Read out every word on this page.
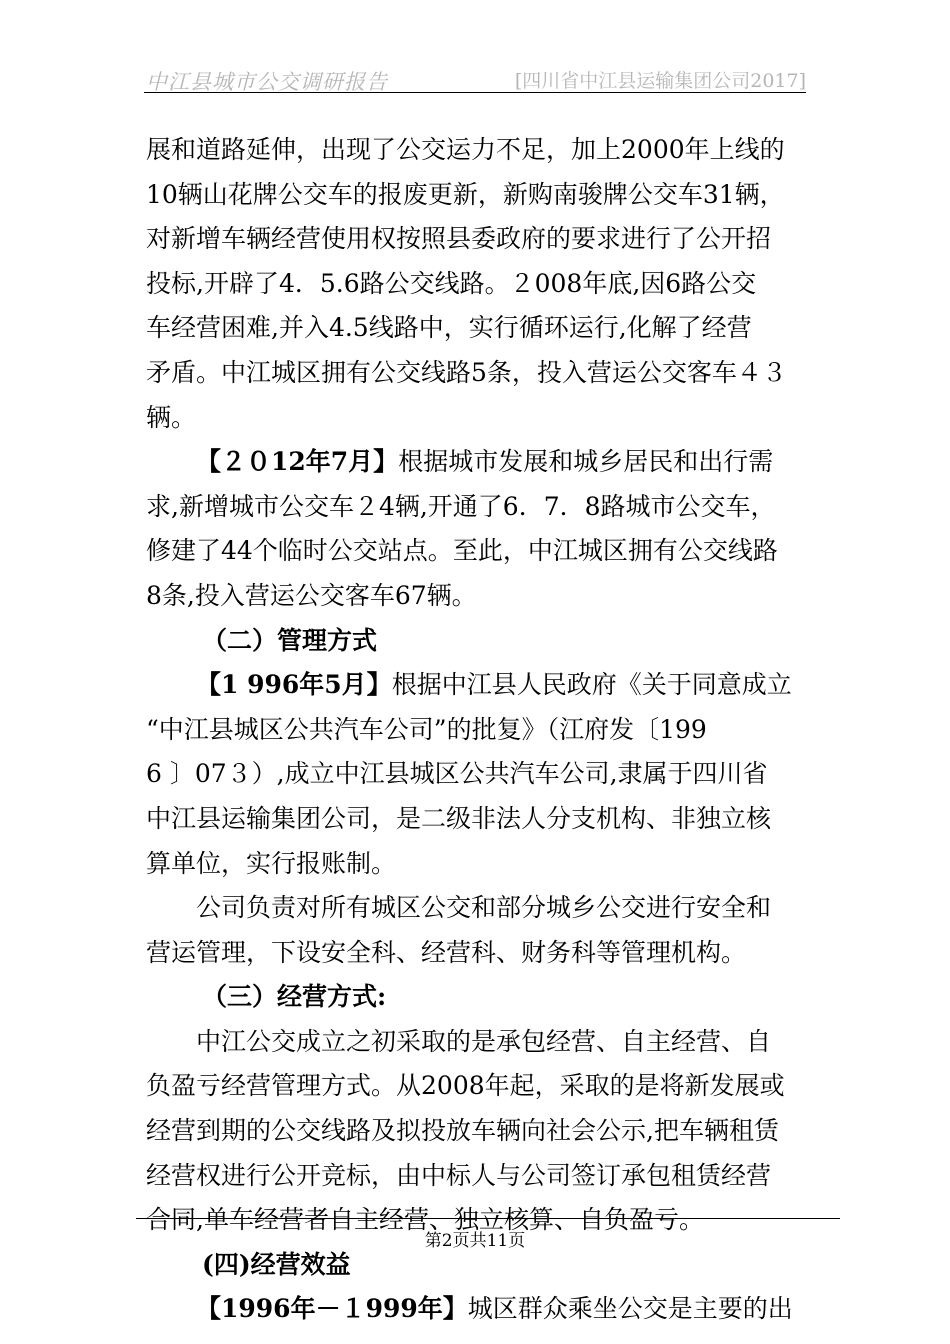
中江县城市公交调研报告	[四川省中江县运输集团公司2017]
展和道路延伸，出现了公交运力不足，加上2000年上线的
10辆山花牌公交车的报废更新，新购南骏牌公交车31辆，
对新增车辆经营使用权按照县委政府的要求进行了公开招
投标,开辟了4．5.6路公交线路。２008年底,因6路公交
车经营困难,并入4.5线路中，实行循环运行,化解了经营
矛盾。中江城区拥有公交线路5条，投入营运公交客车４３
辆。
【２０12年7月】根据城市发展和城乡居民和出行需
求,新增城市公交车２4辆,开通了6．7．8路城市公交车，
修建了44个临时公交站点。至此，中江城区拥有公交线路
8条,投入营运公交客车67辆。
（二）管理方式
【1 996年5月】根据中江县人民政府《关于同意成立
“中江县城区公共汽车公司”的批复》（江府发〔199
6 〕07３）,成立中江县城区公共汽车公司,隶属于四川省
中江县运输集团公司，是二级非法人分支机构、非独立核
算单位，实行报账制。
公司负责对所有城区公交和部分城乡公交进行安全和
营运管理，下设安全科、经营科、财务科等管理机构。
（三）经营方式:
中江公交成立之初采取的是承包经营、自主经营、自
负盈亏经营管理方式。从2008年起，采取的是将新发展或
经营到期的公交线路及拟投放车辆向社会公示,把车辆租赁
经营权进行公开竞标，由中标人与公司签订承包租赁经营
合同,单车经营者自主经营、独立核算、自负盈亏。
(四)经营效益
【1996年－１999年】城区群众乘坐公交是主要的出
第2页共11页
